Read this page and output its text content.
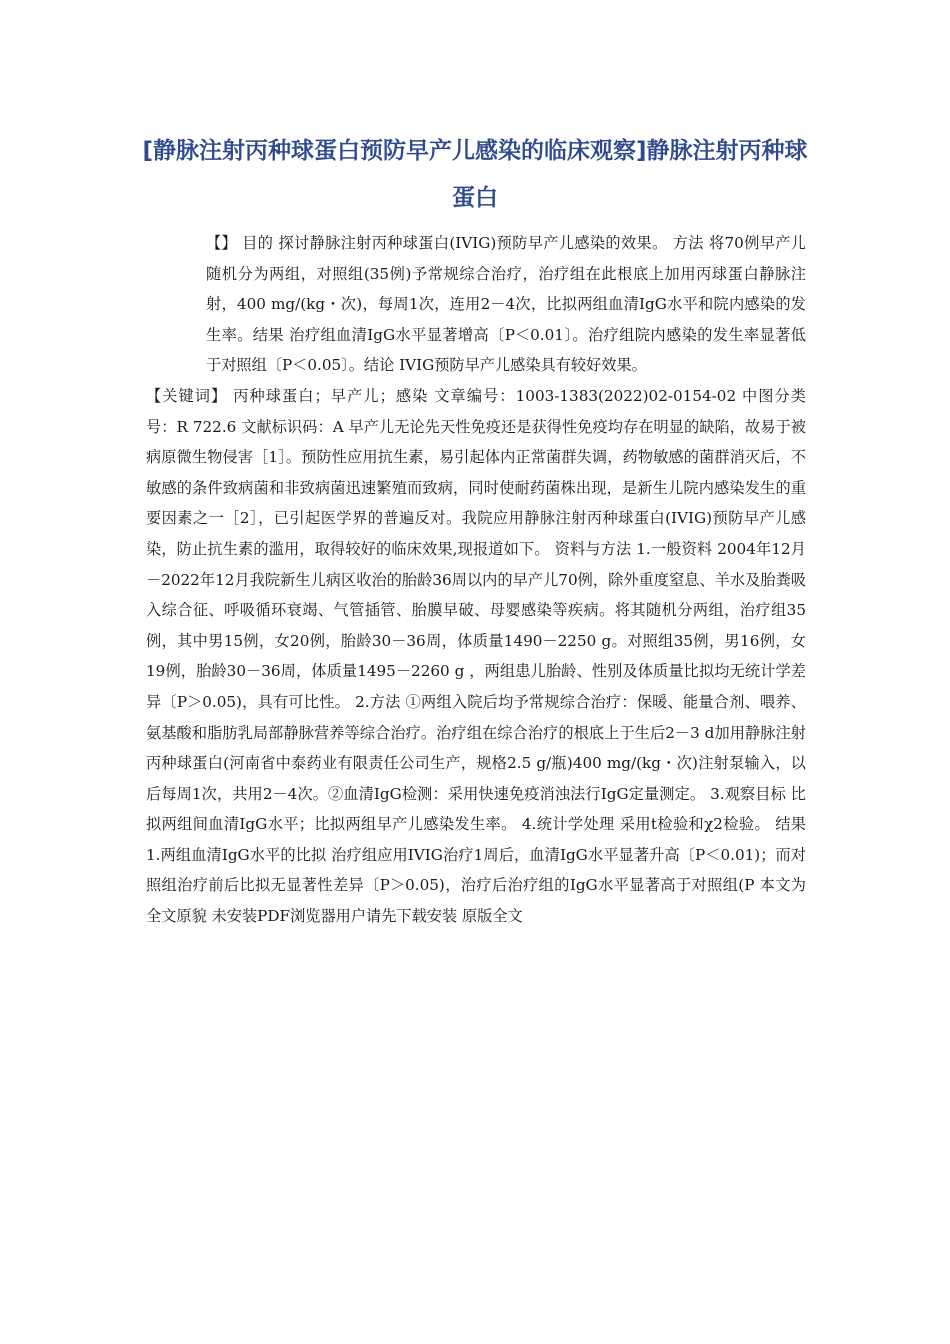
[静脉注射丙种球蛋白预防早产儿感染的临床观察]静脉注射丙种球蛋白

【】 目的 探讨静脉注射丙种球蛋白(IVIG)预防早产儿感染的效果。 方法 将70例早产儿随机分为两组，对照组(35例)予常规综合治疗，治疗组在此根底上加用丙球蛋白静脉注射，400 mg/(kg・次)，每周1次，连用2－4次，比拟两组血清IgG水平和院内感染的发生率。结果 治疗组血清IgG水平显著增高〔P＜0.01〕。治疗组院内感染的发生率显著低于对照组〔P＜0.05〕。结论 IVIG预防早产儿感染具有较好效果。

【关键词】 丙种球蛋白；早产儿；感染 文章编号：1003-1383(2022)02-0154-02 中图分类号：R 722.6 文献标识码：A 早产儿无论先天性免疫还是获得性免疫均存在明显的缺陷，故易于被病原微生物侵害［1］。预防性应用抗生素，易引起体内正常菌群失调，药物敏感的菌群消灭后，不敏感的条件致病菌和非致病菌迅速繁殖而致病，同时使耐药菌株出现，是新生儿院内感染发生的重要因素之一［2］，已引起医学界的普遍反对。我院应用静脉注射丙种球蛋白(IVIG)预防早产儿感染，防止抗生素的滥用，取得较好的临床效果,现报道如下。 资料与方法 1.一般资料 2004年12月－2022年12月我院新生儿病区收治的胎龄36周以内的早产儿70例，除外重度窒息、羊水及胎粪吸入综合征、呼吸循环衰竭、气管插管、胎膜早破、母婴感染等疾病。将其随机分两组，治疗组35例，其中男15例，女20例，胎龄30－36周，体质量1490－2250 g。对照组35例，男16例，女19例，胎龄30－36周，体质量1495－2260 g ，两组患儿胎龄、性别及体质量比拟均无统计学差异〔P＞0.05)，具有可比性。 2.方法 ①两组入院后均予常规综合治疗：保暖、能量合剂、喂养、氨基酸和脂肪乳局部静脉营养等综合治疗。治疗组在综合治疗的根底上于生后2－3 d加用静脉注射丙种球蛋白(河南省中泰药业有限责任公司生产，规格2.5 g/瓶)400 mg/(kg・次)注射泵输入，以后每周1次，共用2－4次。②血清IgG检测：采用快速免疫消浊法行IgG定量测定。 3.观察目标 比拟两组间血清IgG水平；比拟两组早产儿感染发生率。 4.统计学处理 采用t检验和χ2检验。 结果 1.两组血清IgG水平的比拟 治疗组应用IVIG治疗1周后，血清IgG水平显著升高〔P＜0.01)；而对照组治疗前后比拟无显著性差异〔P＞0.05)，治疗后治疗组的IgG水平显著高于对照组(P 本文为全文原貌 未安装PDF浏览器用户请先下载安装 原版全文
